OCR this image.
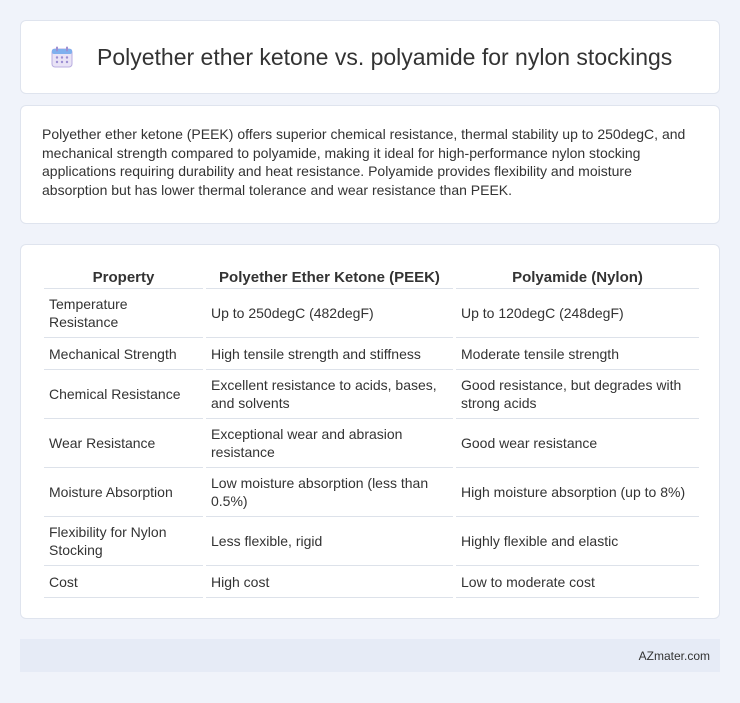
Polyether ether ketone vs. polyamide for nylon stockings

Polyether ether ketone (PEEK) offers superior chemical resistance, thermal stability up to 250degC, and mechanical strength compared to polyamide, making it ideal for high-performance nylon stocking applications requiring durability and heat resistance. Polyamide provides flexibility and moisture absorption but has lower thermal tolerance and wear resistance than PEEK.

Property	Polyether Ether Ketone (PEEK)	Polyamide (Nylon)
Temperature Resistance	Up to 250degC (482degF)	Up to 120degC (248degF)
Mechanical Strength	High tensile strength and stiffness	Moderate tensile strength
Chemical Resistance	Excellent resistance to acids, bases, and solvents	Good resistance, but degrades with strong acids
Wear Resistance	Exceptional wear and abrasion resistance	Good wear resistance
Moisture Absorption	Low moisture absorption (less than 0.5%)	High moisture absorption (up to 8%)
Flexibility for Nylon Stocking	Less flexible, rigid	Highly flexible and elastic
Cost	High cost	Low to moderate cost
AZmater.com
